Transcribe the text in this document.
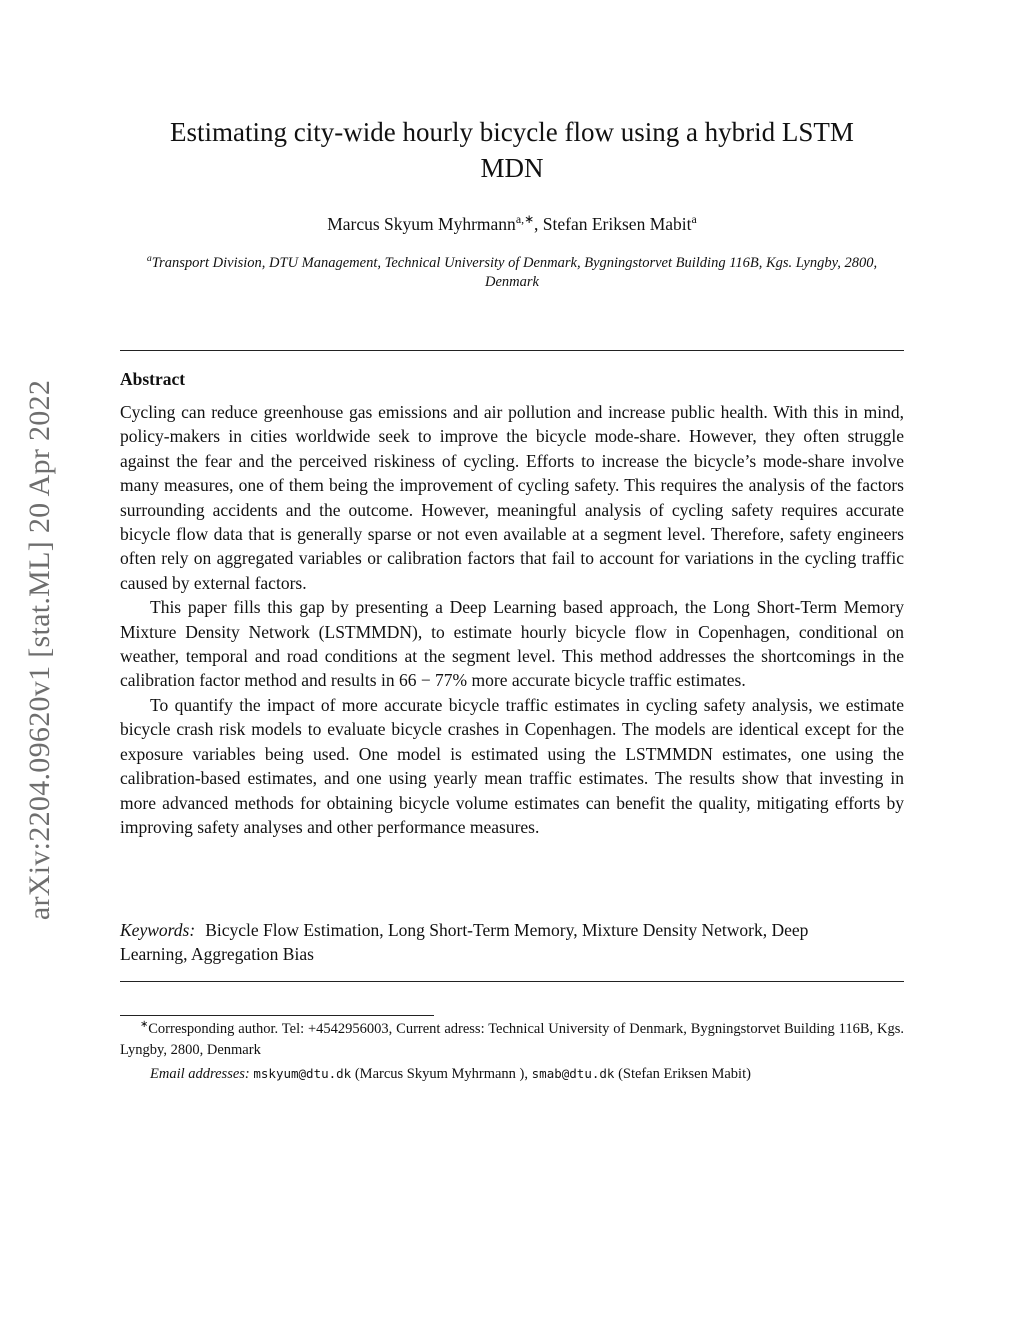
arXiv:2204.09620v1 [stat.ML] 20 Apr 2022
Estimating city-wide hourly bicycle flow using a hybrid LSTM MDN
Marcus Skyum Myhrmann$^{a,∗}$, Stefan Eriksen Mabit$^a$
$^a$Transport Division, DTU Management, Technical University of Denmark, Bygningstorvet Building 116B, Kgs. Lyngby, 2800, Denmark
Abstract

Cycling can reduce greenhouse gas emissions and air pollution and increase public health. With this in mind, policy-makers in cities worldwide seek to improve the bicycle mode-share. However, they often struggle against the fear and the perceived riskiness of cycling. Efforts to increase the bicycle’s mode-share involve many measures, one of them being the improvement of cycling safety. This requires the analysis of the factors surrounding accidents and the outcome. However, meaningful analysis of cycling safety requires accurate bicycle flow data that is generally sparse or not even available at a segment level. Therefore, safety engineers often rely on aggregated variables or calibration factors that fail to account for variations in the cycling traffic caused by external factors.

This paper fills this gap by presenting a Deep Learning based approach, the Long Short-Term Memory Mixture Density Network (LSTMMDN), to estimate hourly bicycle flow in Copenhagen, conditional on weather, temporal and road conditions at the segment level. This method addresses the shortcomings in the calibration factor method and results in 66 − 77% more accurate bicycle traffic estimates.

To quantify the impact of more accurate bicycle traffic estimates in cycling safety analysis, we estimate bicycle crash risk models to evaluate bicycle crashes in Copenhagen. The models are identical except for the exposure variables being used. One model is estimated using the LSTMMDN estimates, one using the calibration-based estimates, and one using yearly mean traffic estimates. The results show that investing in more advanced methods for obtaining bicycle volume estimates can benefit the quality, mitigating efforts by improving safety analyses and other performance measures.

Keywords: Bicycle Flow Estimation, Long Short-Term Memory, Mixture Density Network, Deep Learning, Aggregation Bias

∗Corresponding author. Tel: +4542956003, Current adress: Technical University of Denmark, Bygningstorvet Building 116B, Kgs. Lyngby, 2800, Denmark

Email addresses: mskyum@dtu.dk (Marcus Skyum Myhrmann ), smab@dtu.dk (Stefan Eriksen Mabit)
